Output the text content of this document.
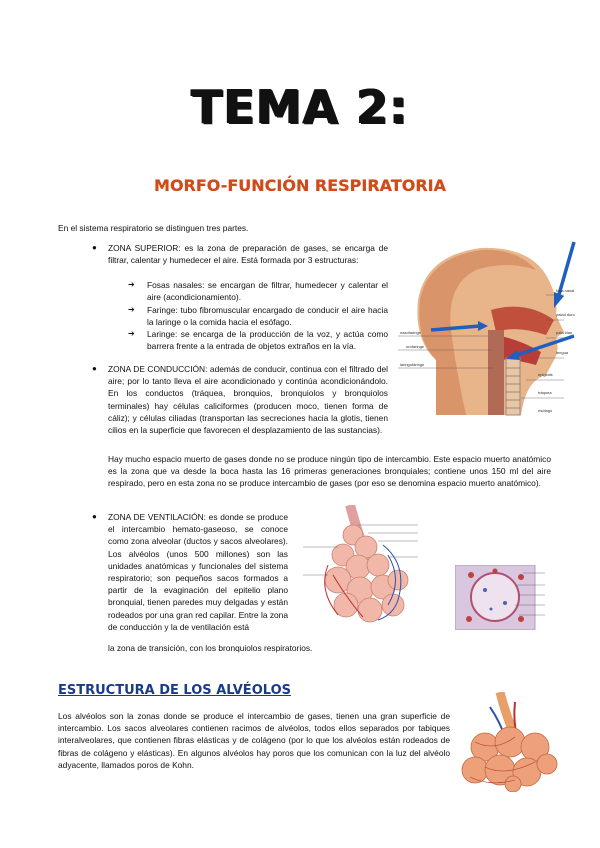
TEMA 2:
MORFO-FUNCIÓN RESPIRATORIA
En el sistema respiratorio se distinguen tres partes.
● ZONA SUPERIOR: es la zona de preparación de gases, se encarga de filtrar, calentar y humedecer el aire. Está formada por 3 estructuras:
➔ Fosas nasales: se encargan de filtrar, humedecer y calentar el aire (acondicionamiento).
➔ Faringe: tubo fibromuscular encargado de conducir el aire hacia la laringe o la comida hacia el esófago.
➔ Laringe: se encarga de la producción de la voz, y actúa como barrera frente a la entrada de objetos extraños en la vía.
● ZONA DE CONDUCCIÓN: además de conducir, continua con el filtrado del aire; por lo tanto lleva el aire acondicionado y continúa acondicionándolo. En los conductos (tráquea, bronquios, bronquiolos y bronquiolos terminales) hay células caliciformes (producen moco, tienen forma de cáliz); y células ciliadas (transportan las secreciones hacia la glotis, tienen cilios en la superficie que favorecen el desplazamiento de las sustancias).
Hay mucho espacio muerto de gases donde no se produce ningún tipo de intercambio. Este espacio muerto anatómico es la zona que va desde la boca hasta las 16 primeras generaciones bronquiales; contiene unos 150 ml del aire respirado, pero en esta zona no se produce intercambio de gases (por eso se denomina espacio muerto anatómico).
● ZONA DE VENTILACIÓN: es donde se produce el intercambio hemato-gaseoso, se conoce como zona alveolar (ductos y sacos alveolares). Los alvéolos (unos 500 millones) son las unidades anatómicas y funcionales del sistema respiratorio; son pequeños sacos formados a partir de la evaginación del epitelio plano bronquial, tienen paredes muy delgadas y están rodeados por una gran red capilar. Entre la zona de conducción y la de ventilación está
la zona de transición, con los bronquiolos respiratorios.
ESTRUCTURA DE LOS ALVÉOLOS
Los alvéolos son la zonas donde se produce el intercambio de gases, tienen una gran superficie de intercambio. Los sacos alveolares contienen racimos de alvéolos, todos ellos separados por tabiques interalveolares, que contienen fibras elásticas y de colágeno (por lo que los alvéolos están rodeados de fibras de colágeno y elásticas). En algunos alvéolos hay poros que los comunican con la luz del alvéolo adyacente, llamados poros de Kohn.
nasofaringe
orofaringe
laringofaringe
fosa nasal
palad duro
pala blan
lengua
epiglotis
tráquea
esófago
